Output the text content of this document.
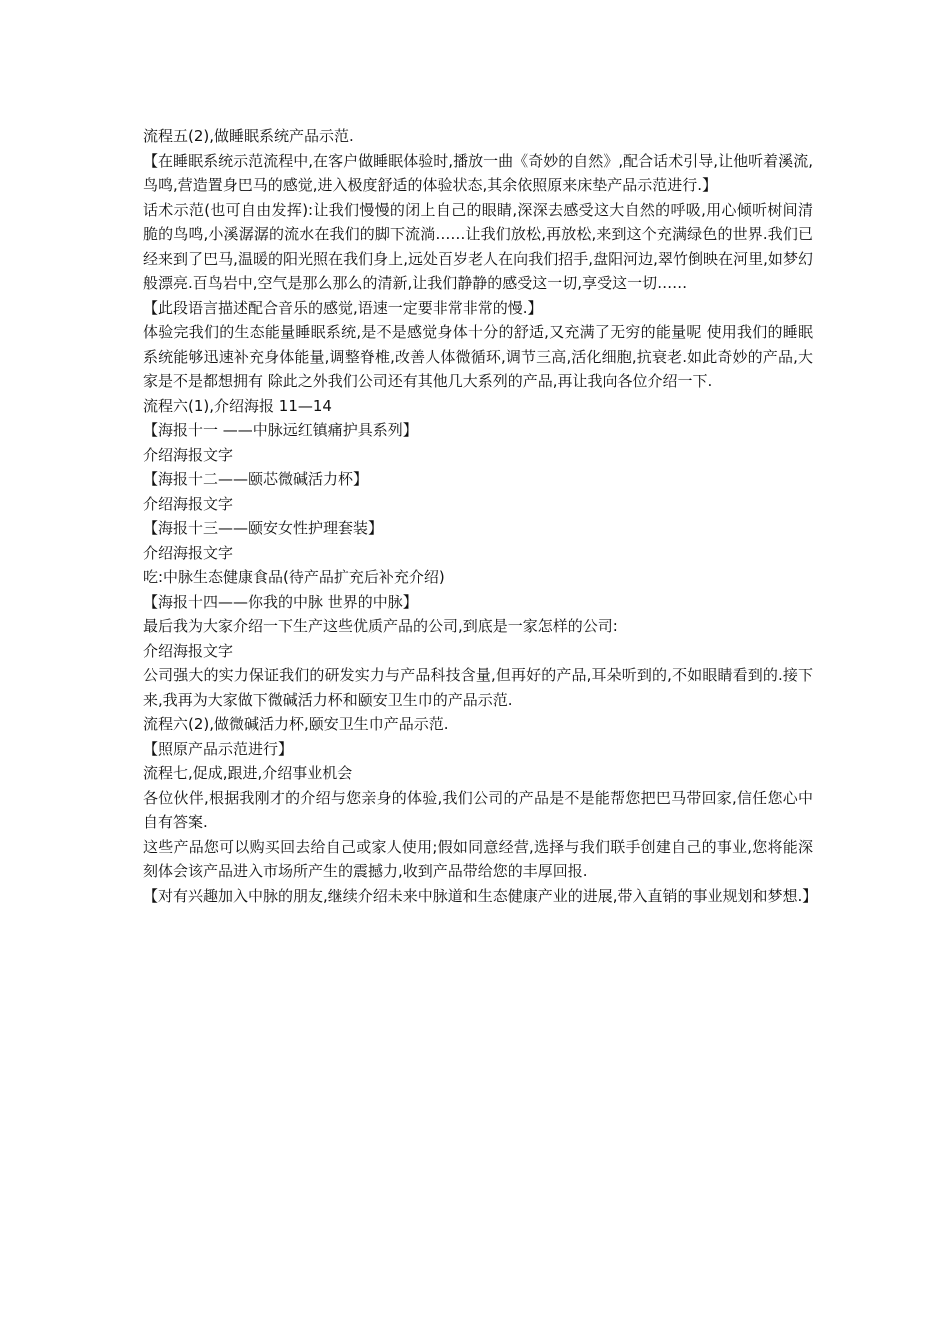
流程五(2),做睡眠系统产品示范.

【在睡眠系统示范流程中,在客户做睡眠体验时,播放一曲《奇妙的自然》,配合话术引导,让他听着溪流,鸟鸣,营造置身巴马的感觉,进入极度舒适的体验状态,其余依照原来床垫产品示范进行.】

话术示范(也可自由发挥):让我们慢慢的闭上自己的眼睛,深深去感受这大自然的呼吸,用心倾听树间清脆的鸟鸣,小溪潺潺的流水在我们的脚下流淌……让我们放松,再放松,来到这个充满绿色的世界.我们已经来到了巴马,温暖的阳光照在我们身上,远处百岁老人在向我们招手,盘阳河边,翠竹倒映在河里,如梦幻般漂亮.百鸟岩中,空气是那么那么的清新,让我们静静的感受这一切,享受这一切……

【此段语言描述配合音乐的感觉,语速一定要非常非常的慢.】

体验完我们的生态能量睡眠系统,是不是感觉身体十分的舒适,又充满了无穷的能量呢 使用我们的睡眠系统能够迅速补充身体能量,调整脊椎,改善人体微循环,调节三高,活化细胞,抗衰老.如此奇妙的产品,大家是不是都想拥有 除此之外我们公司还有其他几大系列的产品,再让我向各位介绍一下.

流程六(1),介绍海报 11—14

【海报十一 ——中脉远红镇痛护具系列】

介绍海报文字

【海报十二——颐芯微碱活力杯】

介绍海报文字

【海报十三——颐安女性护理套装】

介绍海报文字

吃:中脉生态健康食品(待产品扩充后补充介绍)

【海报十四——你我的中脉 世界的中脉】

最后我为大家介绍一下生产这些优质产品的公司,到底是一家怎样的公司:

介绍海报文字

公司强大的实力保证我们的研发实力与产品科技含量,但再好的产品,耳朵听到的,不如眼睛看到的.接下来,我再为大家做下微碱活力杯和颐安卫生巾的产品示范.

流程六(2),做微碱活力杯,颐安卫生巾产品示范.

【照原产品示范进行】

流程七,促成,跟进,介绍事业机会

各位伙伴,根据我刚才的介绍与您亲身的体验,我们公司的产品是不是能帮您把巴马带回家,信任您心中自有答案.

这些产品您可以购买回去给自己或家人使用;假如同意经营,选择与我们联手创建自己的事业,您将能深刻体会该产品进入市场所产生的震撼力,收到产品带给您的丰厚回报.

【对有兴趣加入中脉的朋友,继续介绍未来中脉道和生态健康产业的进展,带入直销的事业规划和梦想.】
